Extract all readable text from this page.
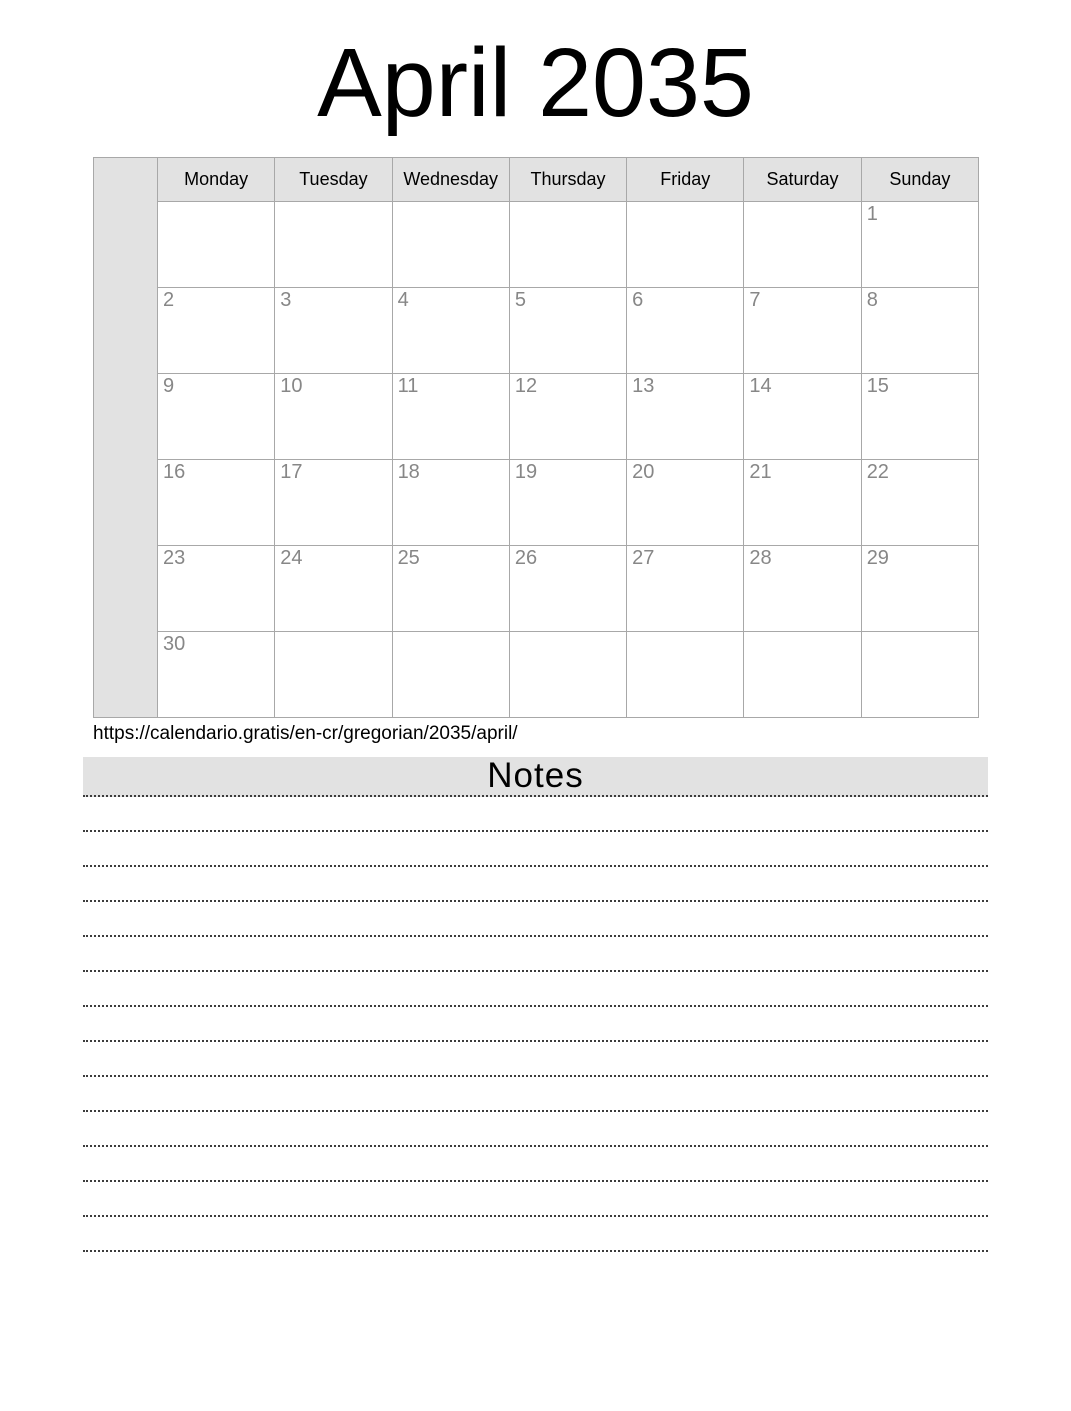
April 2035
	Monday	Tuesday	Wednesday	Thursday	Friday	Saturday	Sunday
							1
	2	3	4	5	6	7	8
	9	10	11	12	13	14	15
	16	17	18	19	20	21	22
	23	24	25	26	27	28	29
	30						

https://calendario.gratis/en-cr/gregorian/2035/april/

Notes
